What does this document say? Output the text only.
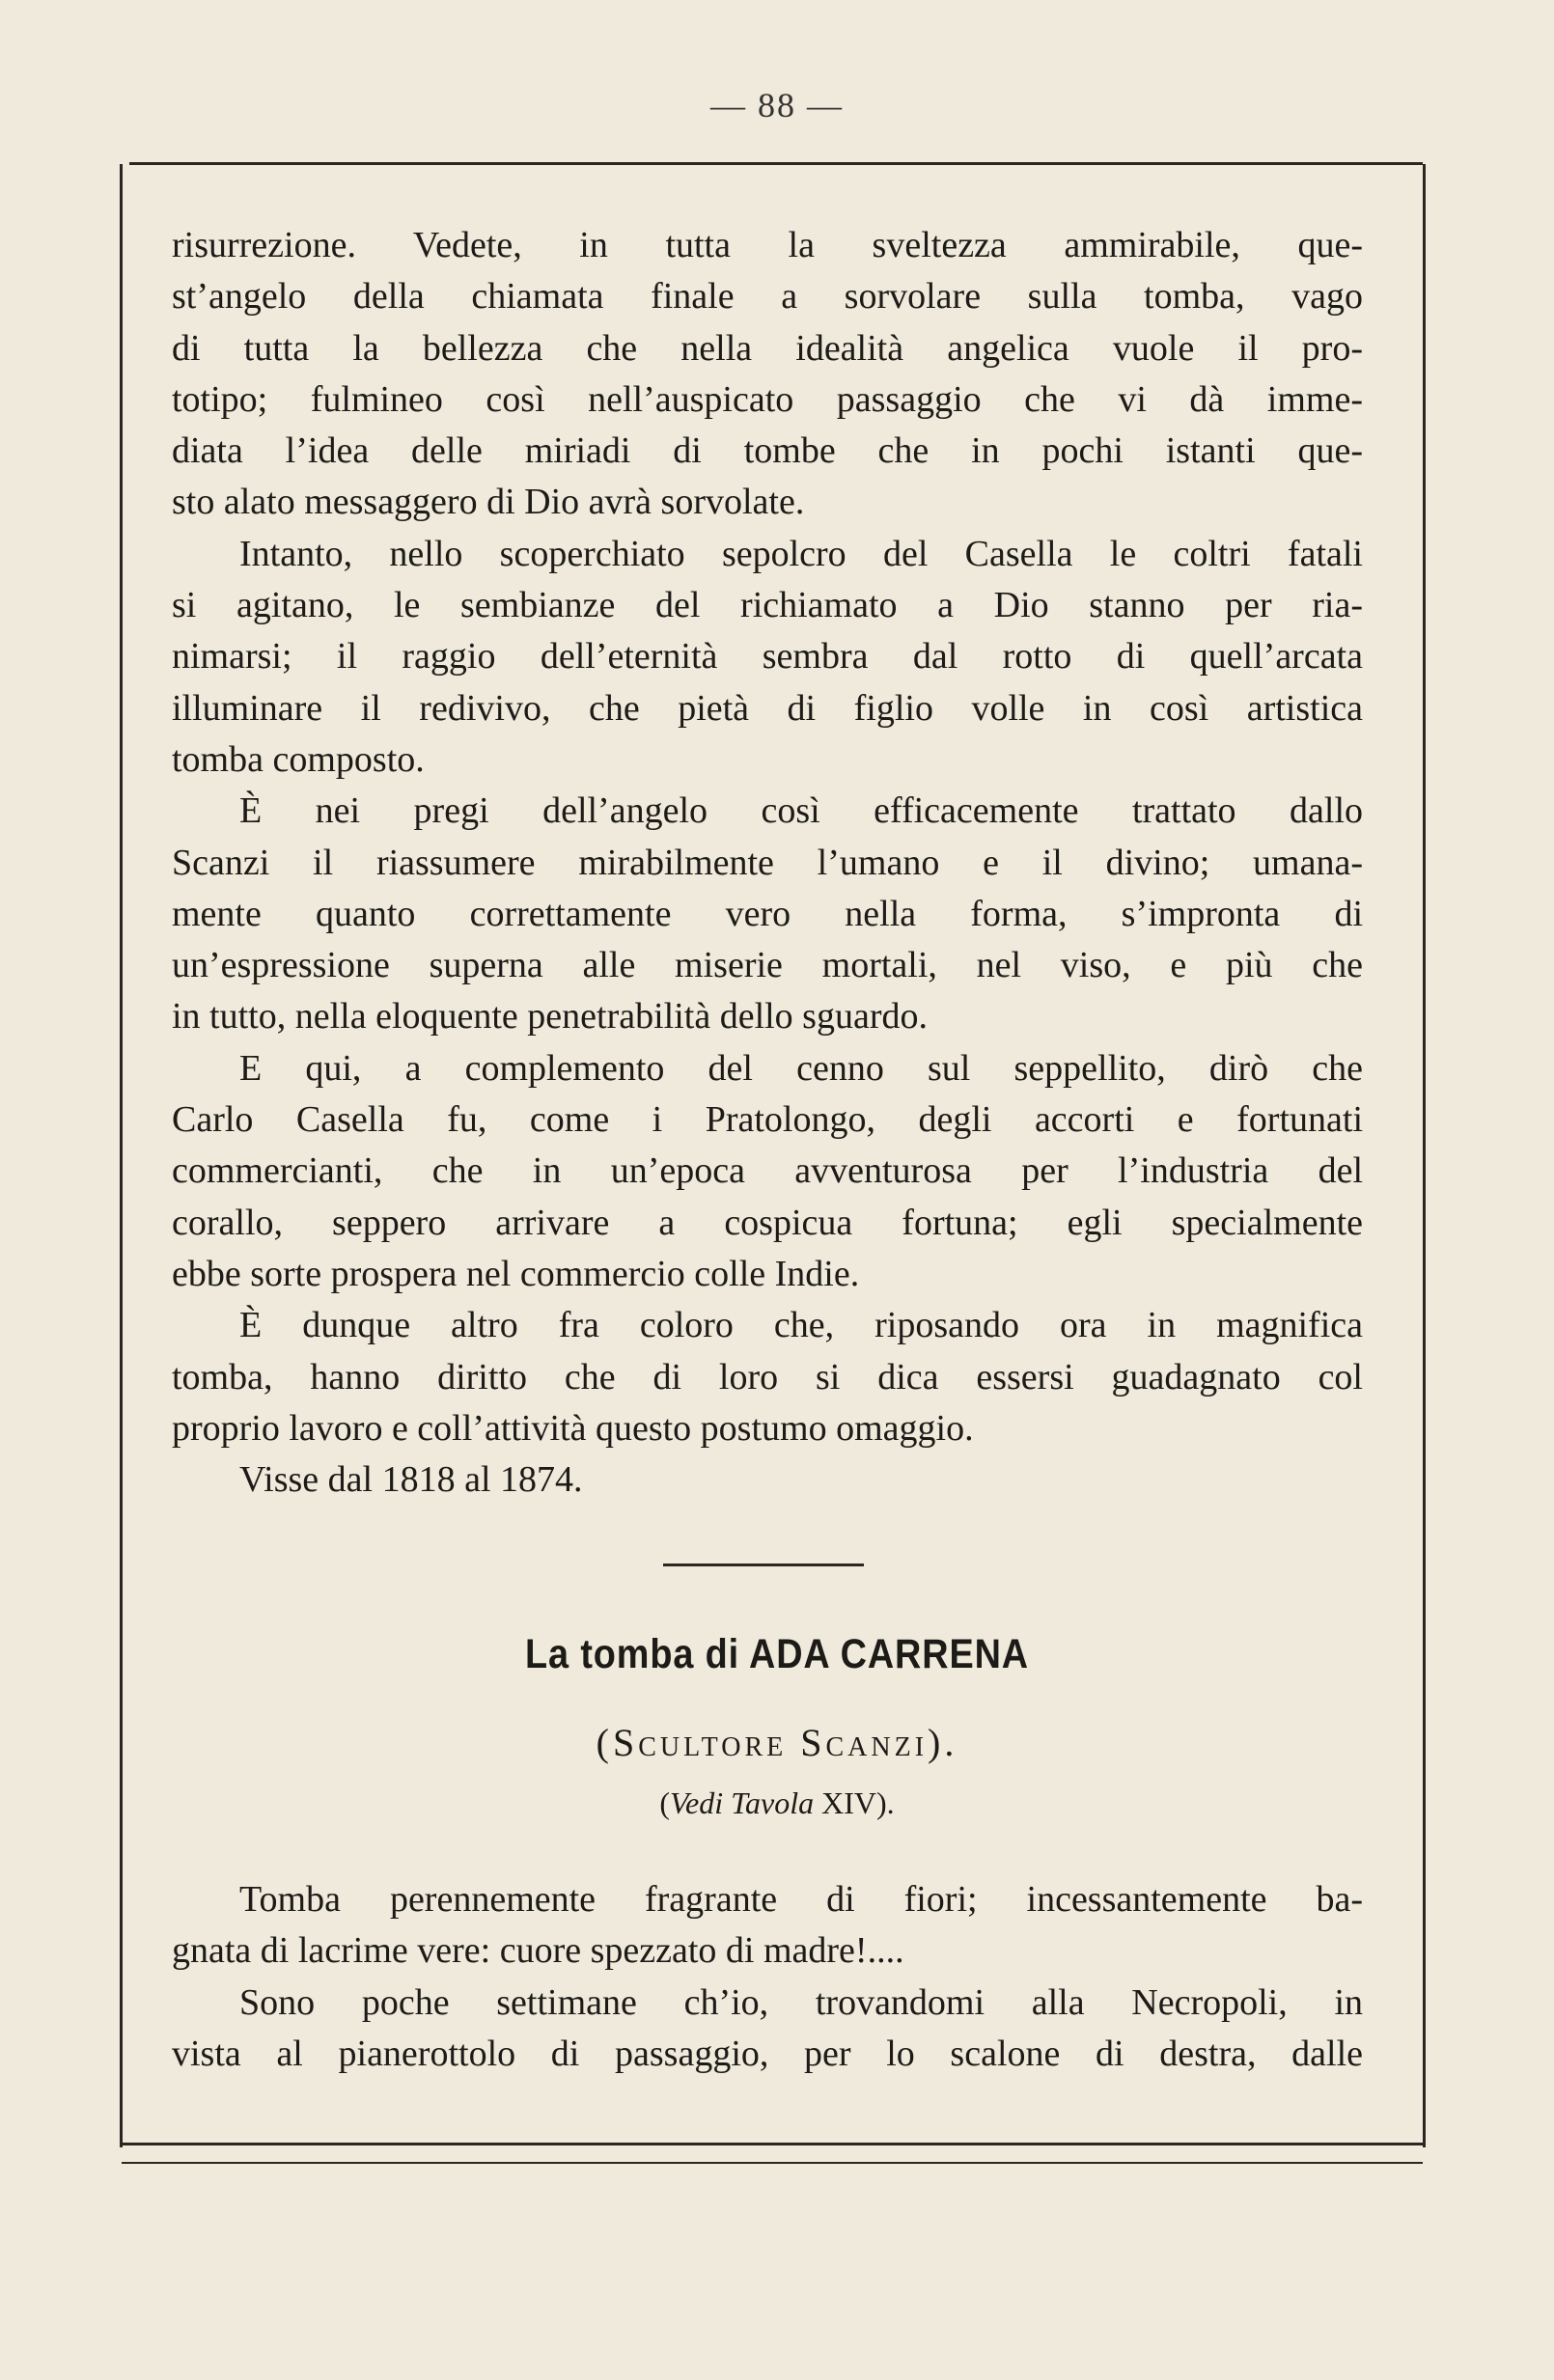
— 88 —
risurrezione. Vedete, in tutta la sveltezza ammirabile, que-
st’angelo della chiamata finale a sorvolare sulla tomba, vago
di tutta la bellezza che nella idealità angelica vuole il pro-
totipo; fulmineo così nell’auspicato passaggio che vi dà imme-
diata l’idea delle miriadi di tombe che in pochi istanti que-
sto alato messaggero di Dio avrà sorvolate.
Intanto, nello scoperchiato sepolcro del Casella le coltri fatali
si agitano, le sembianze del richiamato a Dio stanno per ria-
nimarsi; il raggio dell’eternità sembra dal rotto di quell’arcata
illuminare il redivivo, che pietà di figlio volle in così artistica
tomba composto.
È nei pregi dell’angelo così efficacemente trattato dallo
Scanzi il riassumere mirabilmente l’umano e il divino; umana-
mente quanto correttamente vero nella forma, s’impronta di
un’espressione superna alle miserie mortali, nel viso, e più che
in tutto, nella eloquente penetrabilità dello sguardo.
E qui, a complemento del cenno sul seppellito, dirò che
Carlo Casella fu, come i Pratolongo, degli accorti e fortunati
commercianti, che in un’epoca avventurosa per l’industria del
corallo, seppero arrivare a cospicua fortuna; egli specialmente
ebbe sorte prospera nel commercio colle Indie.
È dunque altro fra coloro che, riposando ora in magnifica
tomba, hanno diritto che di loro si dica essersi guadagnato col
proprio lavoro e coll’attività questo postumo omaggio.
Visse dal 1818 al 1874.
La tomba di ADA CARRENA
(Scultore Scanzi).
(Vedi Tavola XIV).
Tomba perennemente fragrante di fiori; incessantemente ba-
gnata di lacrime vere: cuore spezzato di madre!....
Sono poche settimane ch’io, trovandomi alla Necropoli, in
vista al pianerottolo di passaggio, per lo scalone di destra, dalle
